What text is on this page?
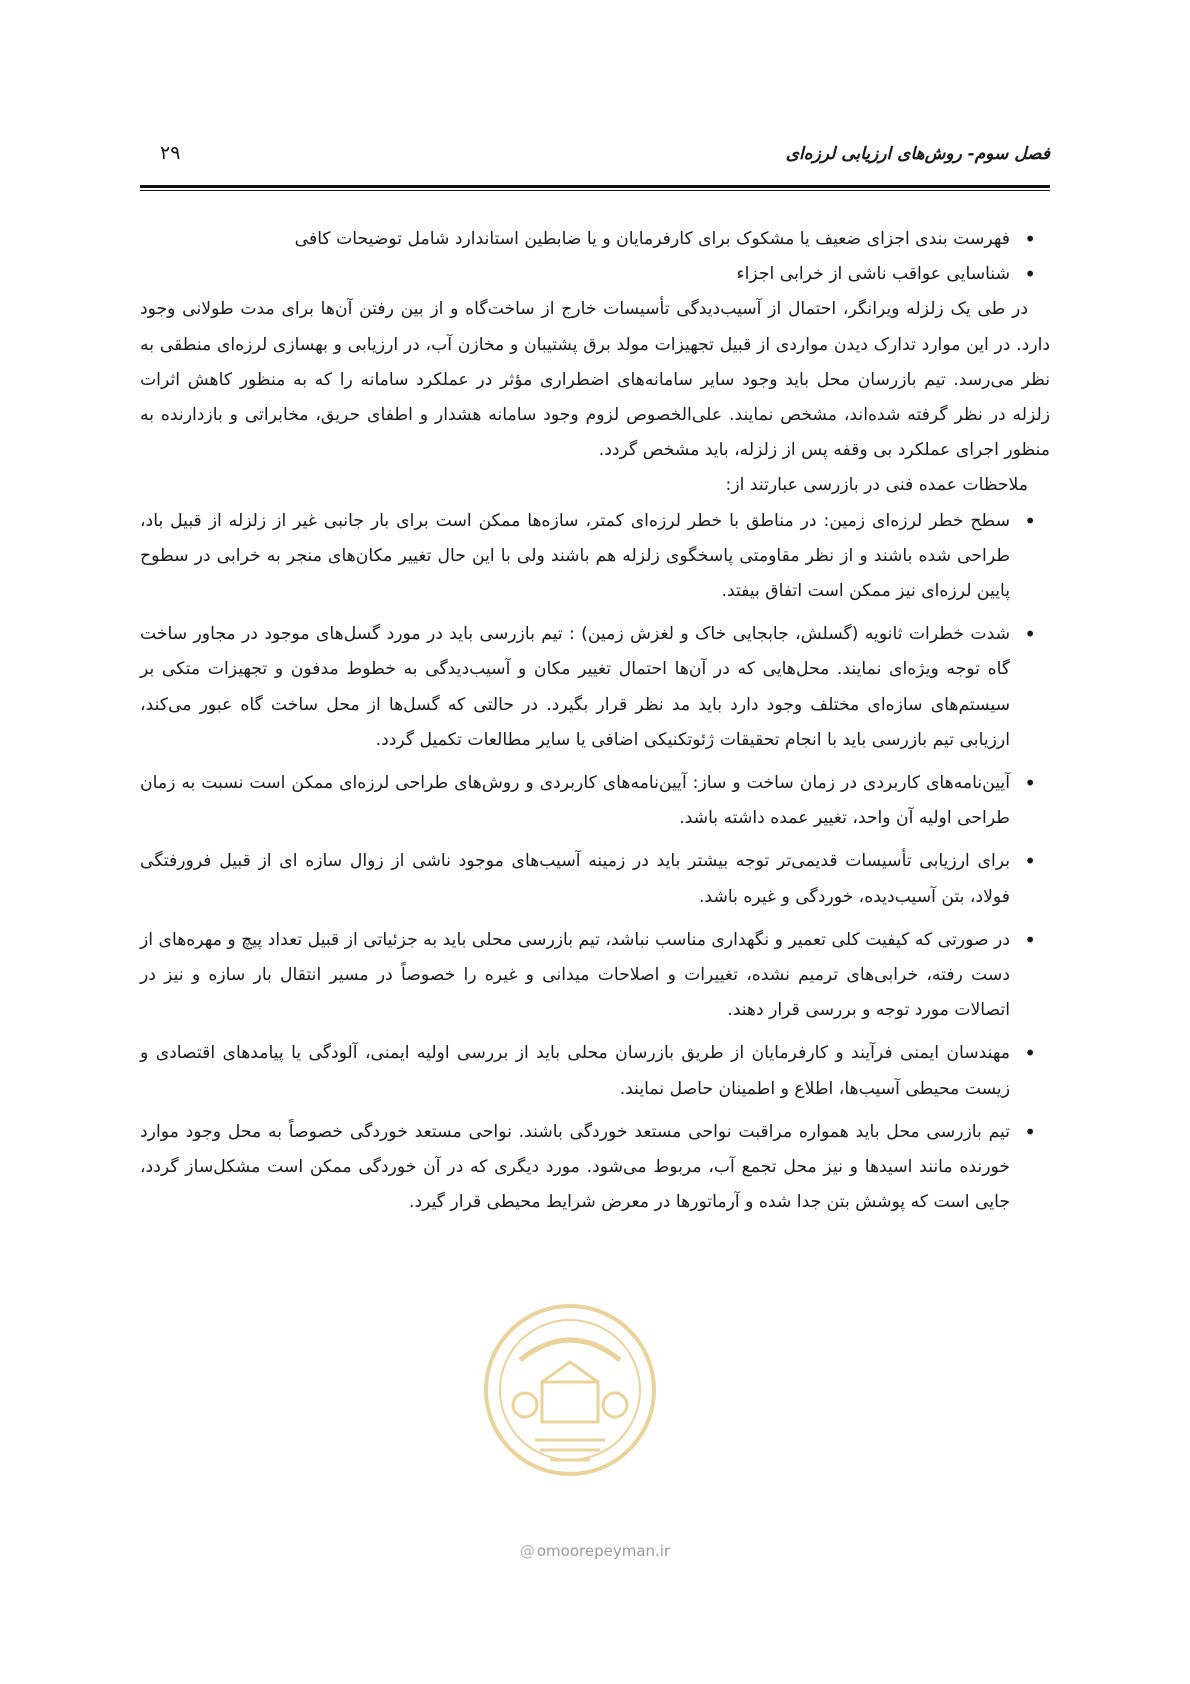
فصل سوم- روش‌های ارزیابی لرزه‌ای
۲۹
• فهرست بندی اجزای ضعیف یا مشکوک برای کارفرمایان و یا ضابطین استاندارد شامل توضیحات کافی
• شناسایی عواقب ناشی از خرابی اجزاء

در طی یک زلزله ویرانگر، احتمال از آسیب‌دیدگی تأسیسات خارج از ساخت‌گاه و از بین رفتن آن‌ها برای مدت طولانی وجود دارد. در این موارد تدارک دیدن مواردی از قبیل تجهیزات مولد برق پشتیبان و مخازن آب، در ارزیابی و بهسازی لرزه‌ای منطقی به نظر می‌رسد. تیم بازرسان محل باید وجود سایر سامانه‌های اضطراری مؤثر در عملکرد سامانه را که به منظور کاهش اثرات زلزله در نظر گرفته شده‌اند، مشخص نمایند. علی‌الخصوص لزوم وجود سامانه هشدار و اطفای حریق، مخابراتی و بازدارنده به منظور اجرای عملکرد بی وقفه پس از زلزله، باید مشخص گردد.

ملاحظات عمده فنی در بازرسی عبارتند از:

• سطح خطر لرزه‌ای زمین: در مناطق با خطر لرزه‌ای کمتر، سازه‌ها ممکن است برای بار جانبی غیر از زلزله از قبیل باد، طراحی شده باشند و از نظر مقاومتی پاسخگوی زلزله هم باشند ولی با این حال تغییر مکان‌های منجر به خرابی در سطوح پایین لرزه‌ای نیز ممکن است اتفاق بیفتد.
• شدت خطرات ثانویه (گسلش، جابجایی خاک و لغزش زمین) : تیم بازرسی باید در مورد گسل‌های موجود در مجاور ساخت گاه توجه ویژه‌ای نمایند. محل‌هایی که در آن‌ها احتمال تغییر مکان و آسیب‌دیدگی به خطوط مدفون و تجهیزات متکی بر سیستم‌های سازه‌ای مختلف وجود دارد باید مد نظر قرار بگیرد. در حالتی که گسل‌ها از محل ساخت گاه عبور می‌کند، ارزیابی تیم بازرسی باید با انجام تحقیقات ژئوتکنیکی اضافی یا سایر مطالعات تکمیل گردد.
• آیین‌نامه‌های کاربردی در زمان ساخت و ساز: آیین‌نامه‌های کاربردی و روش‌های طراحی لرزه‌ای ممکن است نسبت به زمان طراحی اولیه آن واحد، تغییر عمده داشته باشد.
• برای ارزیابی تأسیسات قدیمی‌تر توجه بیشتر باید در زمینه آسیب‌های موجود ناشی از زوال سازه ای از قبیل فرورفتگی فولاد، بتن آسیب‌دیده، خوردگی و غیره باشد.
• در صورتی که کیفیت کلی تعمیر و نگهداری مناسب نباشد، تیم بازرسی محلی باید به جزئیاتی از قبیل تعداد پیچ و مهره‌های از دست رفته، خرابی‌های ترمیم نشده، تغییرات و اصلاحات میدانی و غیره را خصوصاً در مسیر انتقال بار سازه و نیز در اتصالات مورد توجه و بررسی قرار دهند.
• مهندسان ایمنی فرآیند و کارفرمایان از طریق بازرسان محلی باید از بررسی اولیه ایمنی، آلودگی یا پیامدهای اقتصادی و زیست محیطی آسیب‌ها، اطلاع و اطمینان حاصل نمایند.
• تیم بازرسی محل باید همواره مراقبت نواحی مستعد خوردگی باشند. نواحی مستعد خوردگی خصوصاً به محل وجود موارد خورنده مانند اسیدها و نیز محل تجمع آب، مربوط می‌شود. مورد دیگری که در آن خوردگی ممکن است مشکل‌ساز گردد، جایی است که پوشش بتن جدا شده و آرماتورها در معرض شرایط محیطی قرار گیرد.
@ omoorepeyman.ir
